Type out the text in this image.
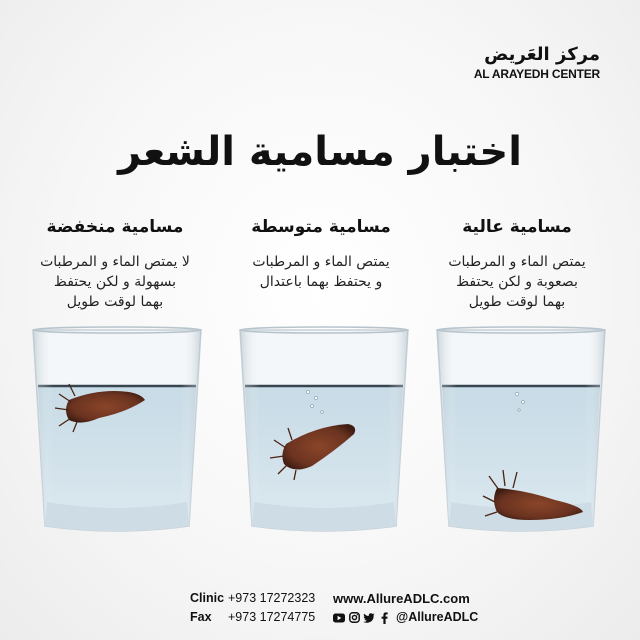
مركز العَريض
AL ARAYEDH CENTER
اختبار مسامية الشعر
مسامية منخفضة
لا يمتص الماء و المرطبات
بسهولة و لكن يحتفظ
بهما لوقت طويل
مسامية متوسطة
يمتص الماء و المرطبات
و يحتفظ بهما باعتدال
مسامية عالية
يمتص الماء و المرطبات
بصعوبة و لكن يحتفظ
بهما لوقت طويل
Clinic +973 17272323	www.AllureADLC.com
Fax	+973 17274775	@AllureADLC
